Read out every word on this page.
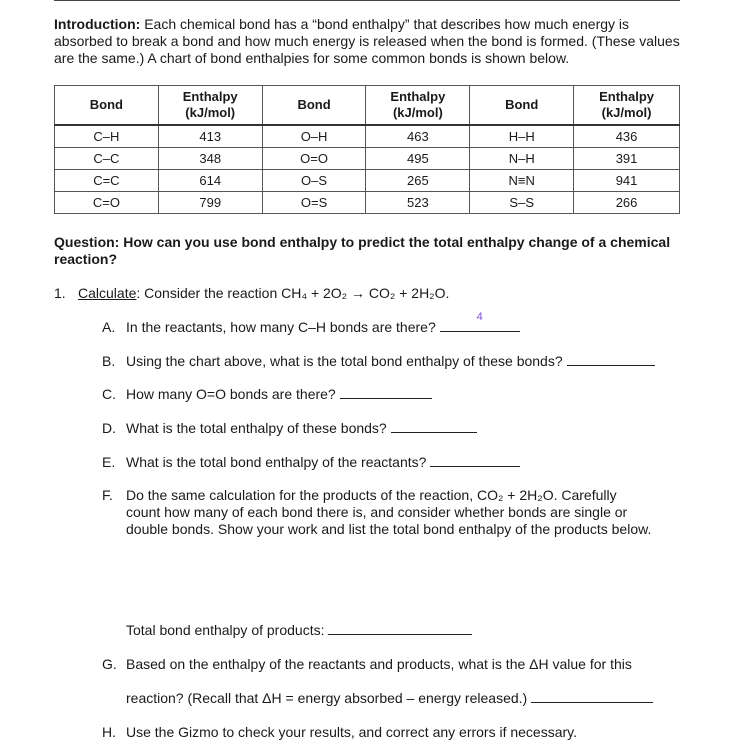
Introduction: Each chemical bond has a “bond enthalpy” that describes how much energy is absorbed to break a bond and how much energy is released when the bond is formed. (These values are the same.) A chart of bond enthalpies for some common bonds is shown below.
Bond	Enthalpy (kJ/mol)	Bond	Enthalpy (kJ/mol)	Bond	Enthalpy (kJ/mol)
C–H	413	O–H	463	H–H	436
C–C	348	O=O	495	N–H	391
C=C	614	O–S	265	N≡N	941
C=O	799	O=S	523	S–S	266
Question: How can you use bond enthalpy to predict the total enthalpy change of a chemical reaction?
1. Calculate: Consider the reaction CH₄ + 2O₂ → CO₂ + 2H₂O.
A. In the reactants, how many C–H bonds are there?
4
B. Using the chart above, what is the total bond enthalpy of these bonds?
C. How many O=O bonds are there?
D. What is the total enthalpy of these bonds?
E. What is the total bond enthalpy of the reactants?
F. Do the same calculation for the products of the reaction, CO₂ + 2H₂O. Carefully
count how many of each bond there is, and consider whether bonds are single or
double bonds. Show your work and list the total bond enthalpy of the products below.
Total bond enthalpy of products:
G. Based on the enthalpy of the reactants and products, what is the ΔH value for this
reaction? (Recall that ΔH = energy absorbed – energy released.)
H. Use the Gizmo to check your results, and correct any errors if necessary.
